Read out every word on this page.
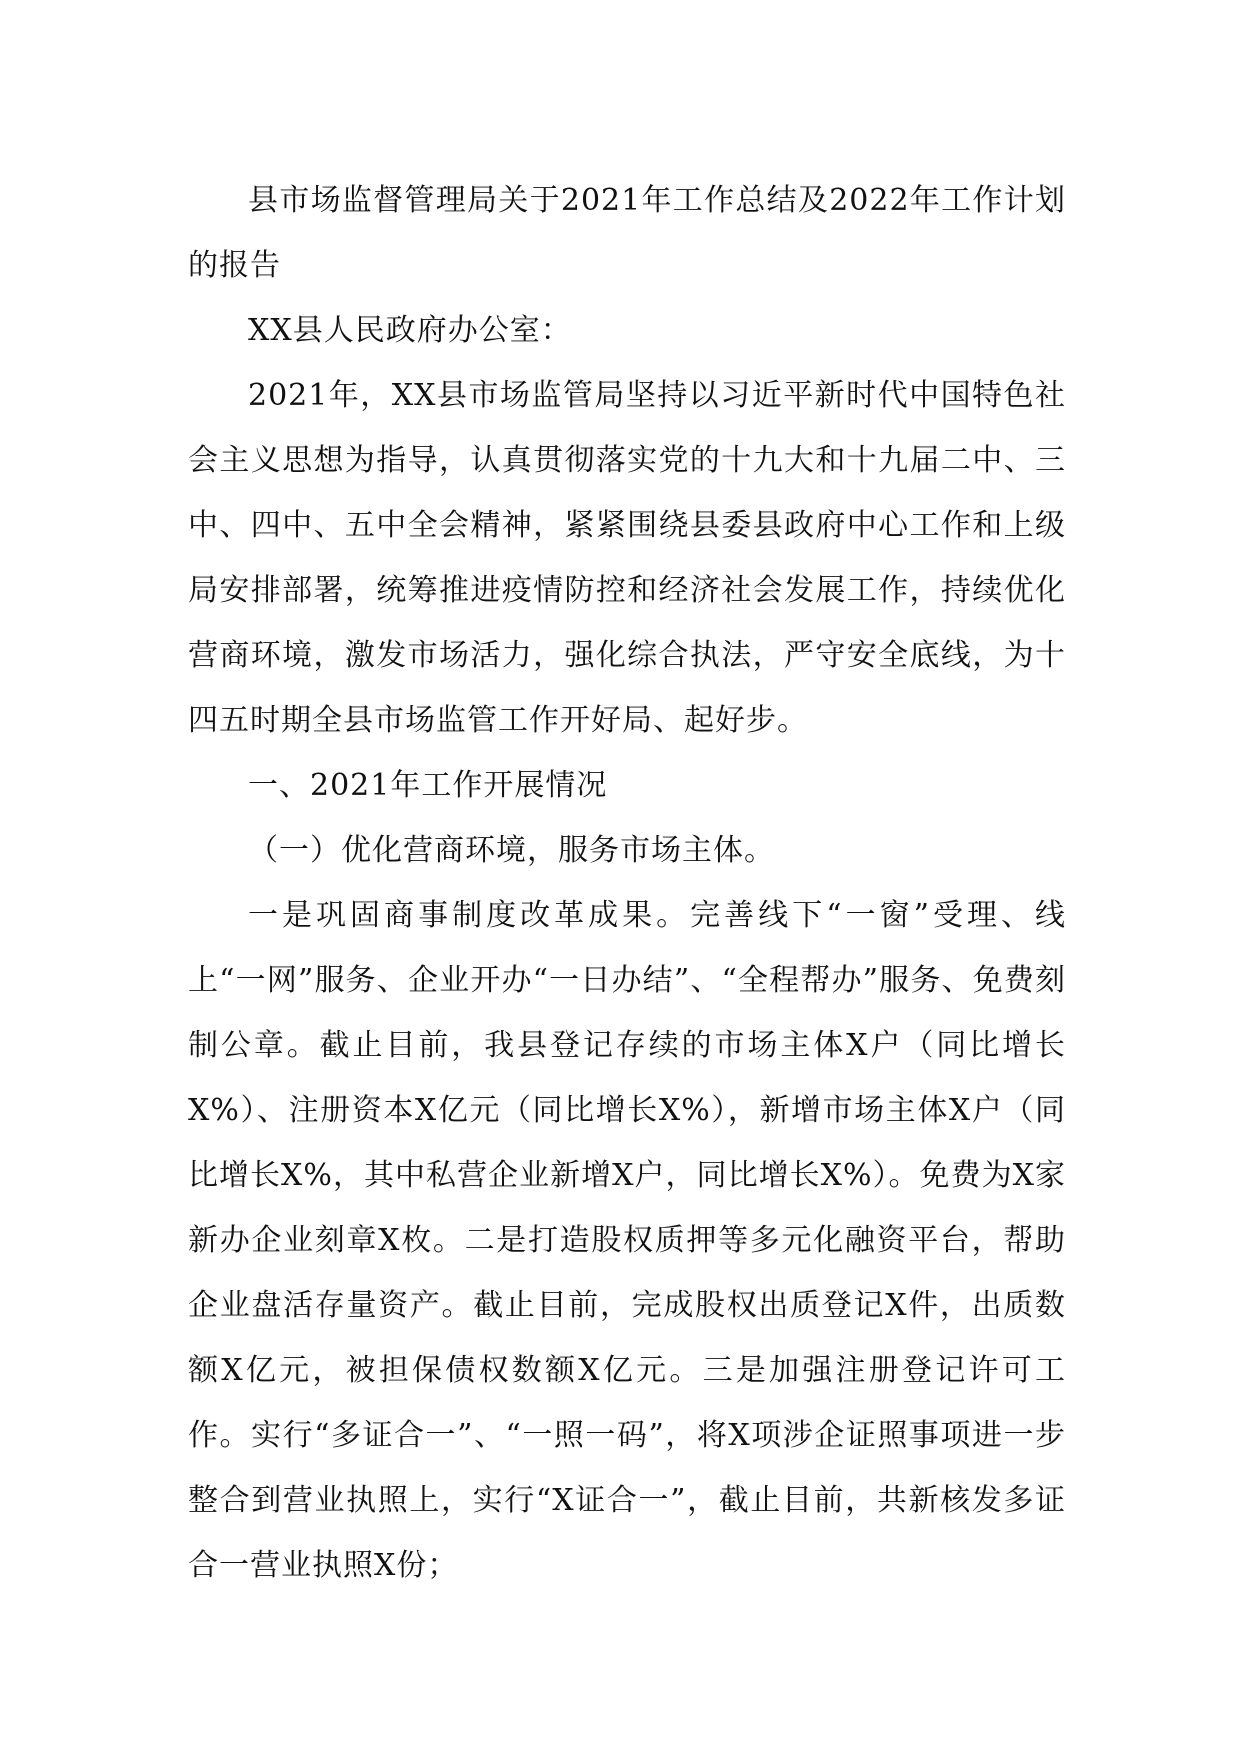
县市场监督管理局关于2021年工作总结及2022年工作计划的报告

XX县人民政府办公室：

2021年，XX县市场监管局坚持以习近平新时代中国特色社会主义思想为指导，认真贯彻落实党的十九大和十九届二中、三中、四中、五中全会精神，紧紧围绕县委县政府中心工作和上级局安排部署，统筹推进疫情防控和经济社会发展工作，持续优化营商环境，激发市场活力，强化综合执法，严守安全底线，为十四五时期全县市场监管工作开好局、起好步。

一、2021年工作开展情况

（一）优化营商环境，服务市场主体。

一是巩固商事制度改革成果。完善线下“一窗”受理、线上“一网”服务、企业开办“一日办结”、“全程帮办”服务、免费刻制公章。截止目前，我县登记存续的市场主体X户（同比增长X%）、注册资本X亿元（同比增长X%），新增市场主体X户（同比增长X%，其中私营企业新增X户，同比增长X%）。免费为X家新办企业刻章X枚。二是打造股权质押等多元化融资平台，帮助企业盘活存量资产。截止目前，完成股权出质登记X件，出质数额X亿元，被担保债权数额X亿元。三是加强注册登记许可工作。实行“多证合一”、“一照一码”，将X项涉企证照事项进一步整合到营业执照上，实行“X证合一”，截止目前，共新核发多证合一营业执照X份；
